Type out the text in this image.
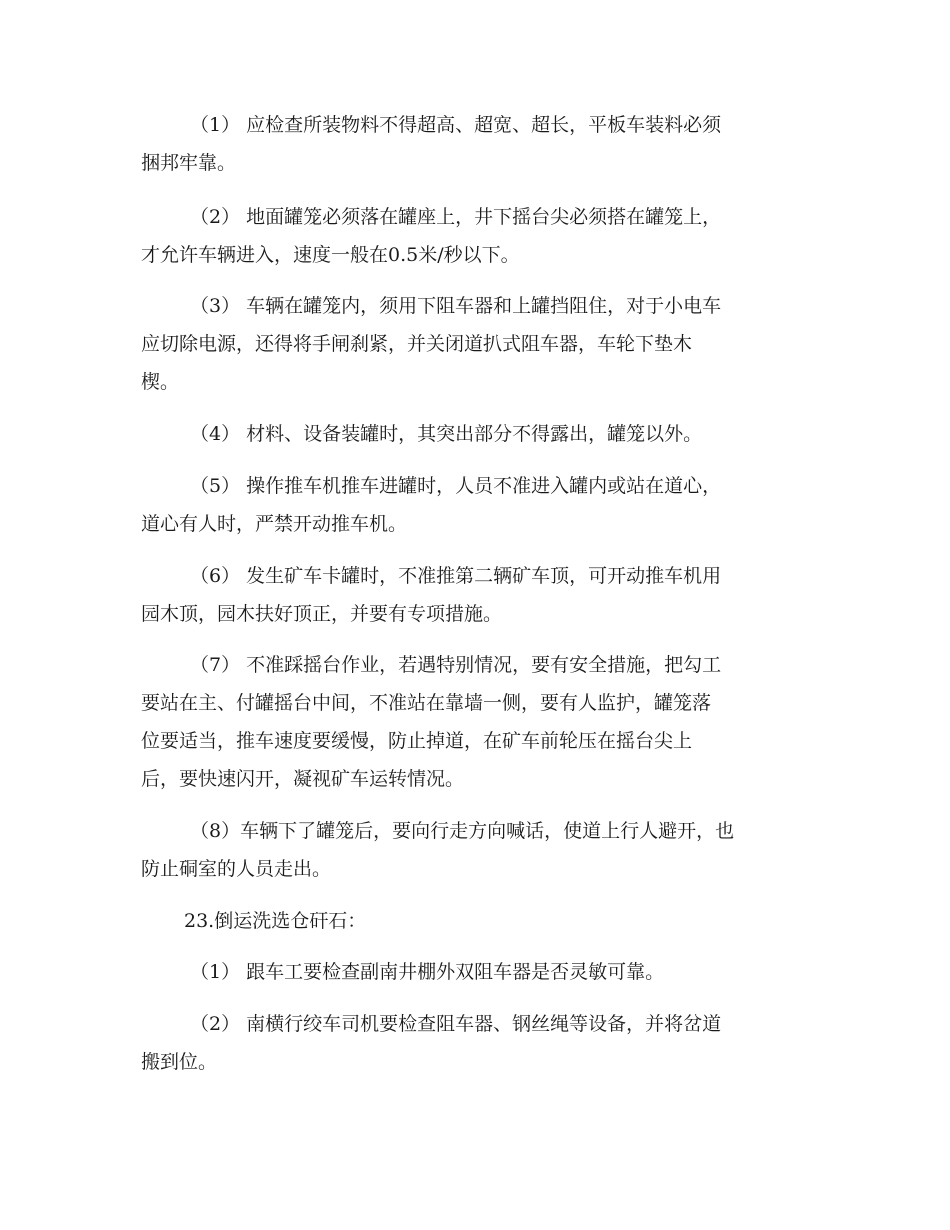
（1） 应检查所装物料不得超高、超宽、超长，平板车装料必须
捆邦牢靠。
（2） 地面罐笼必须落在罐座上，井下摇台尖必须搭在罐笼上，
才允许车辆进入，速度一般在0.5米/秒以下。
（3） 车辆在罐笼内，须用下阻车器和上罐挡阻住，对于小电车
应切除电源，还得将手闸刹紧，并关闭道扒式阻车器，车轮下垫木
楔。
（4） 材料、设备装罐时，其突出部分不得露出，罐笼以外。
（5） 操作推车机推车进罐时，人员不准进入罐内或站在道心，
道心有人时，严禁开动推车机。
（6） 发生矿车卡罐时，不准推第二辆矿车顶，可开动推车机用
园木顶，园木扶好顶正，并要有专项措施。
（7） 不准踩摇台作业，若遇特别情况，要有安全措施，把勾工
要站在主、付罐摇台中间，不准站在靠墙一侧，要有人监护，罐笼落
位要适当，推车速度要缓慢，防止掉道，在矿车前轮压在摇台尖上
后，要快速闪开，凝视矿车运转情况。
（8）车辆下了罐笼后，要向行走方向喊话，使道上行人避开，也
防止硐室的人员走出。
23.倒运洗选仓矸石：
（1） 跟车工要检查副南井棚外双阻车器是否灵敏可靠。
（2） 南横行绞车司机要检查阻车器、钢丝绳等设备，并将岔道
搬到位。
